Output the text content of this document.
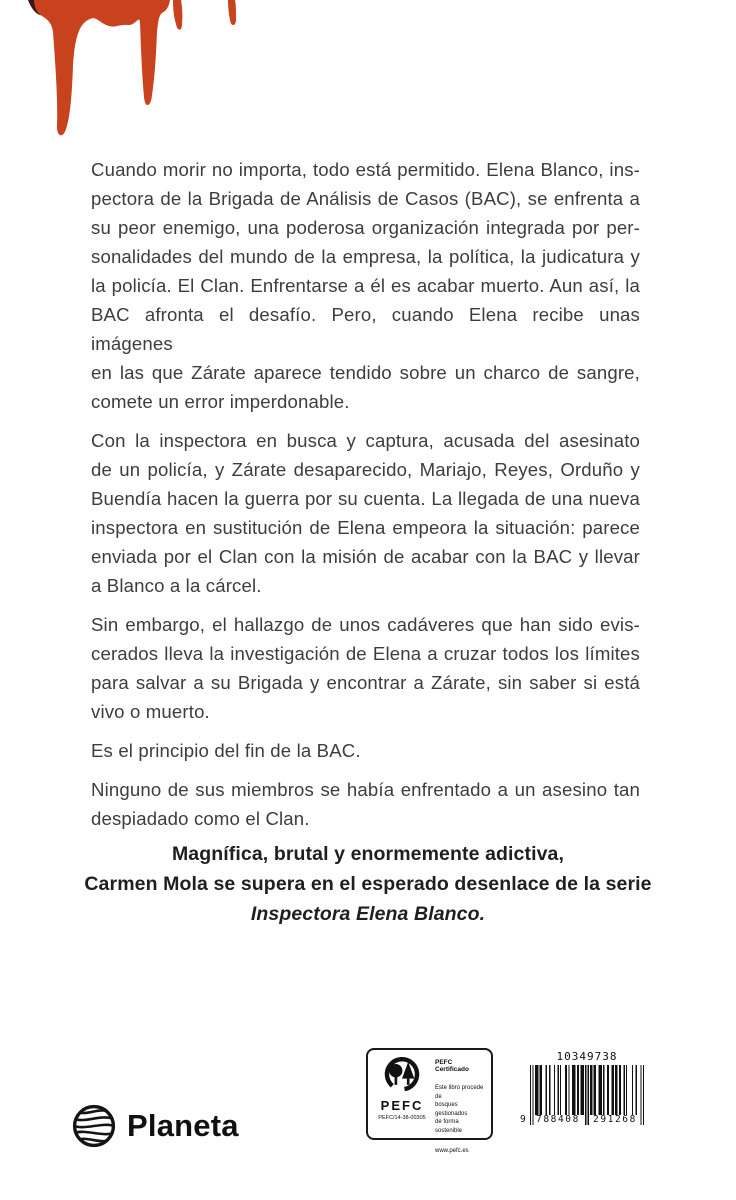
Cuando morir no importa, todo está permitido. Elena Blanco, ins-
pectora de la Brigada de Análisis de Casos (BAC), se enfrenta a
su peor enemigo, una poderosa organización integrada por per-
sonalidades del mundo de la empresa, la política, la judicatura y
la policía. El Clan. Enfrentarse a él es acabar muerto. Aun así, la
BAC afronta el desafío. Pero, cuando Elena recibe unas imágenes
en las que Zárate aparece tendido sobre un charco de sangre,
comete un error imperdonable.
Con la inspectora en busca y captura, acusada del asesinato
de un policía, y Zárate desaparecido, Mariajo, Reyes, Orduño y
Buendía hacen la guerra por su cuenta. La llegada de una nueva
inspectora en sustitución de Elena empeora la situación: parece
enviada por el Clan con la misión de acabar con la BAC y llevar
a Blanco a la cárcel.
Sin embargo, el hallazgo de unos cadáveres que han sido evis-
cerados lleva la investigación de Elena a cruzar todos los límites
para salvar a su Brigada y encontrar a Zárate, sin saber si está
vivo o muerto.
Es el principio del fin de la BAC.
Ninguno de sus miembros se había enfrentado a un asesino tan
despiadado como el Clan.
Magnífica, brutal y enormemente adictiva,
Carmen Mola se supera en el esperado desenlace de la serie
Inspectora Elena Blanco.
Planeta
PEFC
PEFC/14-38-00305
PEFC Certificado
Este libro procede de
bosques gestionados
de forma sostenible
www.pefc.es
10349738
9 788408 291268
